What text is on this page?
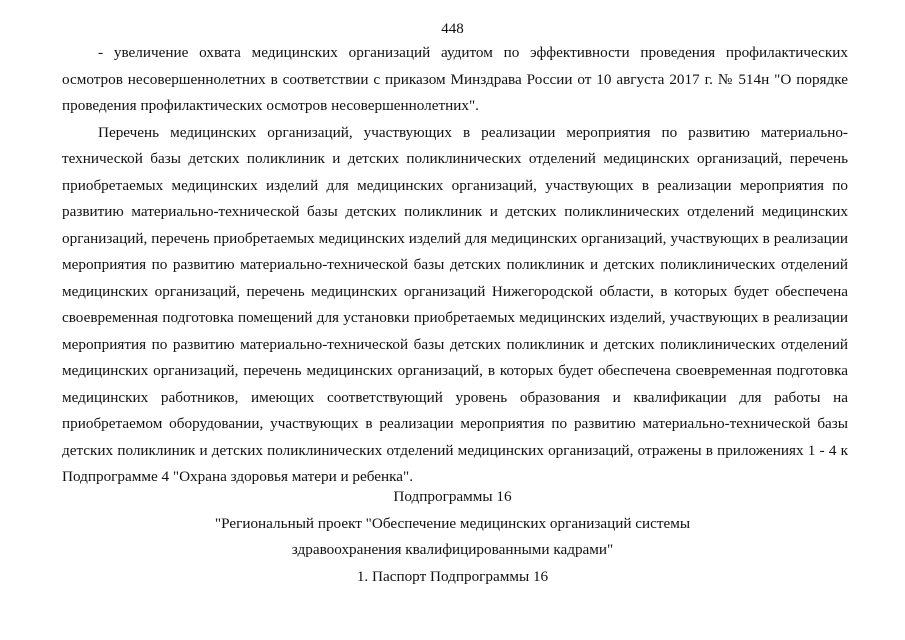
448

- увеличение охвата медицинских организаций аудитом по эффективности проведения профилактических осмотров несовершеннолетних в соответствии с приказом Минздрава России от 10 августа 2017 г. № 514н "О порядке проведения профилактических осмотров несовершеннолетних".

Перечень медицинских организаций, участвующих в реализации мероприятия по развитию материально-технической базы детских поликлиник и детских поликлинических отделений медицинских организаций, перечень приобретаемых медицинских изделий для медицинских организаций, участвующих в реализации мероприятия по развитию материально-технической базы детских поликлиник и детских поликлинических отделений медицинских организаций, перечень приобретаемых медицинских изделий для медицинских организаций, участвующих в реализации мероприятия по развитию материально-технической базы детских поликлиник и детских поликлинических отделений медицинских организаций, перечень медицинских организаций Нижегородской области, в которых будет обеспечена своевременная подготовка помещений для установки приобретаемых медицинских изделий, участвующих в реализации мероприятия по развитию материально-технической базы детских поликлиник и детских поликлинических отделений медицинских организаций, перечень медицинских организаций, в которых будет обеспечена своевременная подготовка медицинских работников, имеющих соответствующий уровень образования и квалификации для работы на приобретаемом оборудовании, участвующих в реализации мероприятия по развитию материально-технической базы детских поликлиник и детских поликлинических отделений медицинских организаций, отражены в приложениях 1 - 4 к Подпрограмме 4 "Охрана здоровья матери и ребенка".

Подпрограммы 16
"Региональный проект "Обеспечение медицинских организаций системы
здравоохранения квалифицированными кадрами"
1. Паспорт Подпрограммы 16
